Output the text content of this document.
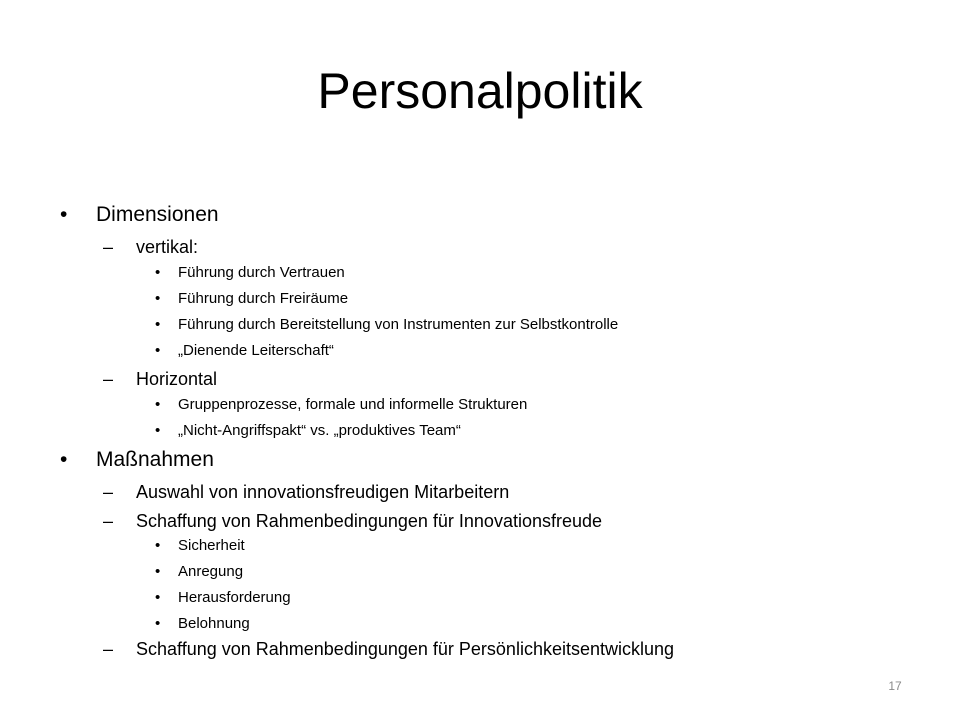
Personalpolitik
• Dimensionen
– vertikal:
• Führung durch Vertrauen
• Führung durch Freiräume
• Führung durch Bereitstellung von Instrumenten zur Selbstkontrolle
• „Dienende Leiterschaft“
– Horizontal
• Gruppenprozesse, formale und informelle Strukturen
• „Nicht-Angriffspakt“ vs. „produktives Team“
• Maßnahmen
– Auswahl von innovationsfreudigen Mitarbeitern
– Schaffung von Rahmenbedingungen für Innovationsfreude
• Sicherheit
• Anregung
• Herausforderung
• Belohnung
– Schaffung von Rahmenbedingungen für Persönlichkeitsentwicklung
17
